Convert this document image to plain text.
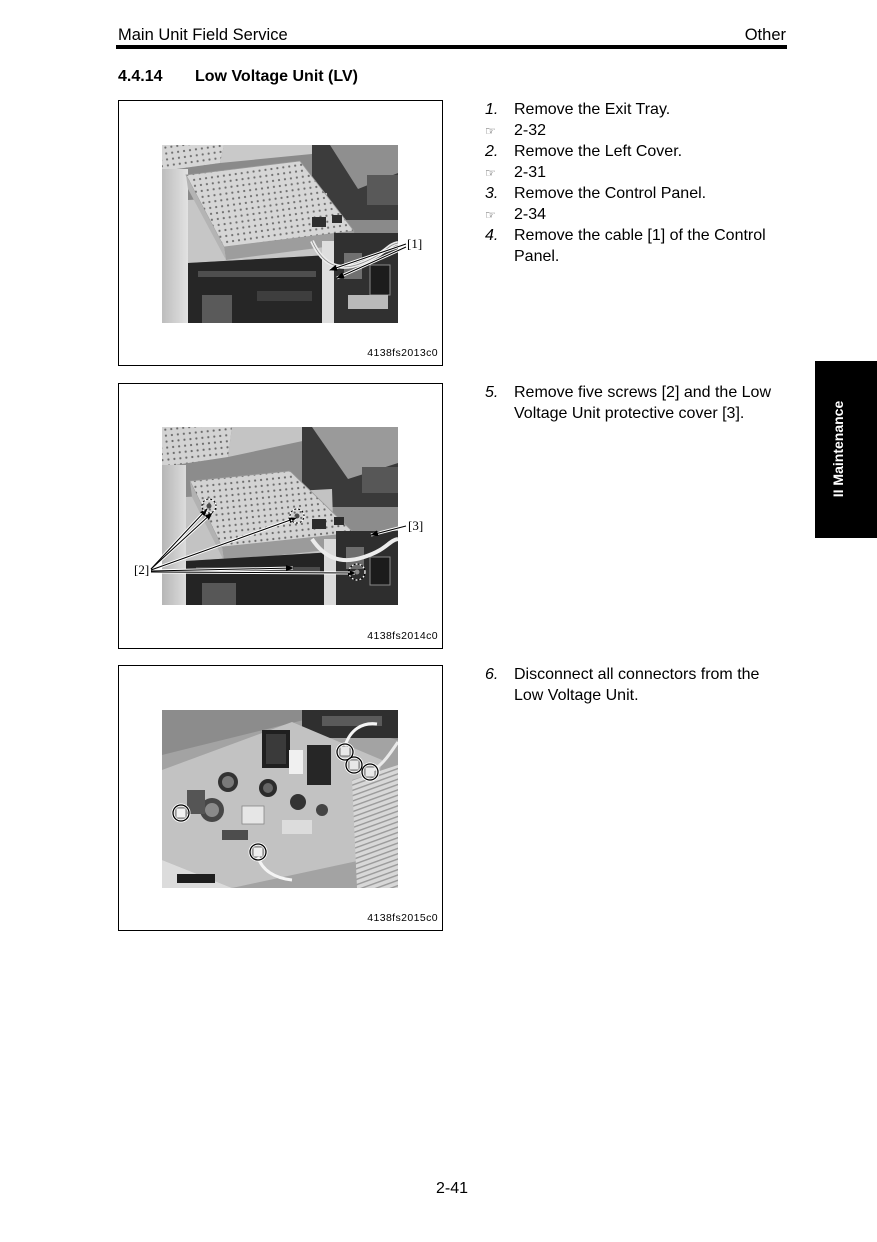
Main Unit Field Service	Other
4.4.14 Low Voltage Unit (LV)
[1]
4138fs2013c0
[3]
[2]
4138fs2014c0
4138fs2015c0
1. Remove the Exit Tray.
☞
2-32
2. Remove the Left Cover.
☞
2-31
3. Remove the Control Panel.
☞
2-34
4. Remove the cable [1] of the Control Panel.
5. Remove five screws [2] and the Low Voltage Unit protective cover [3].
6. Disconnect all connectors from the Low Voltage Unit.
II Maintenance
2-41
